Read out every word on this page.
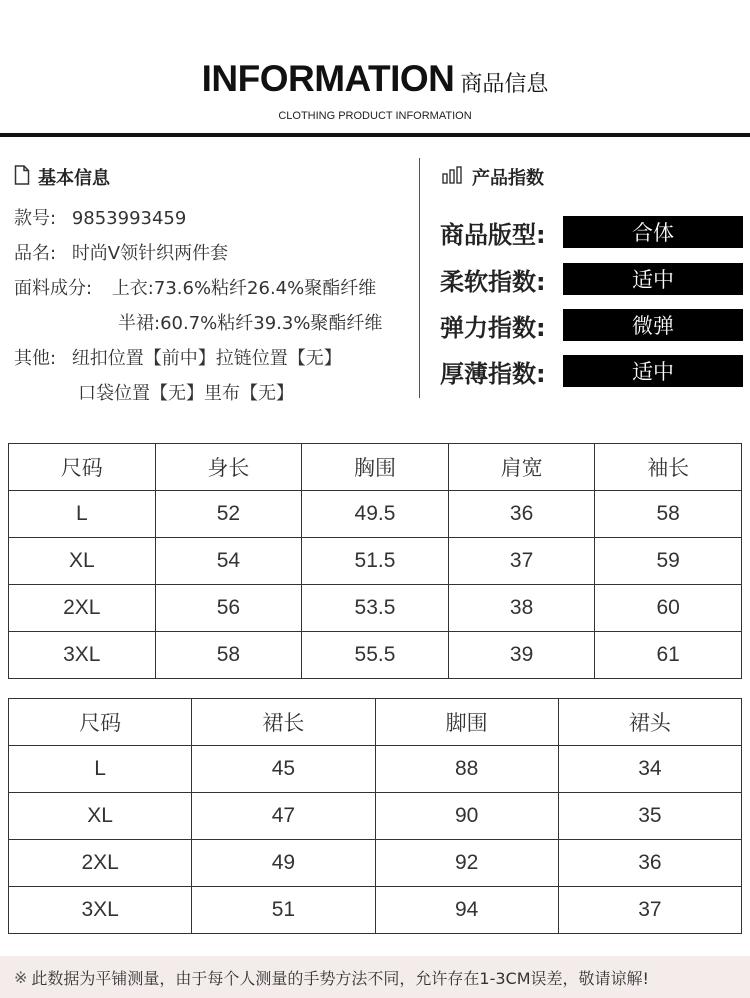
INFORMATION 商品信息
CLOTHING PRODUCT INFORMATION
基本信息
款号: 9853993459
品名: 时尚V领针织两件套
面料成分: 上衣:73.6%粘纤26.4%聚酯纤维
半裙:60.7%粘纤39.3%聚酯纤维
其他: 纽扣位置【前中】拉链位置【无】
口袋位置【无】里布【无】
产品指数
商品版型:	合体
柔软指数:	适中
弹力指数:	微弹
厚薄指数:	适中
尺码	身长	胸围	肩宽	袖长
L	52	49.5	36	58
XL	54	51.5	37	59
2XL	56	53.5	38	60
3XL	58	55.5	39	61
尺码	裙长	脚围	裙头
L	45	88	34
XL	47	90	35
2XL	49	92	36
3XL	51	94	37
※ 此数据为平铺测量，由于每个人测量的手势方法不同，允许存在1-3CM误差，敬请谅解!
